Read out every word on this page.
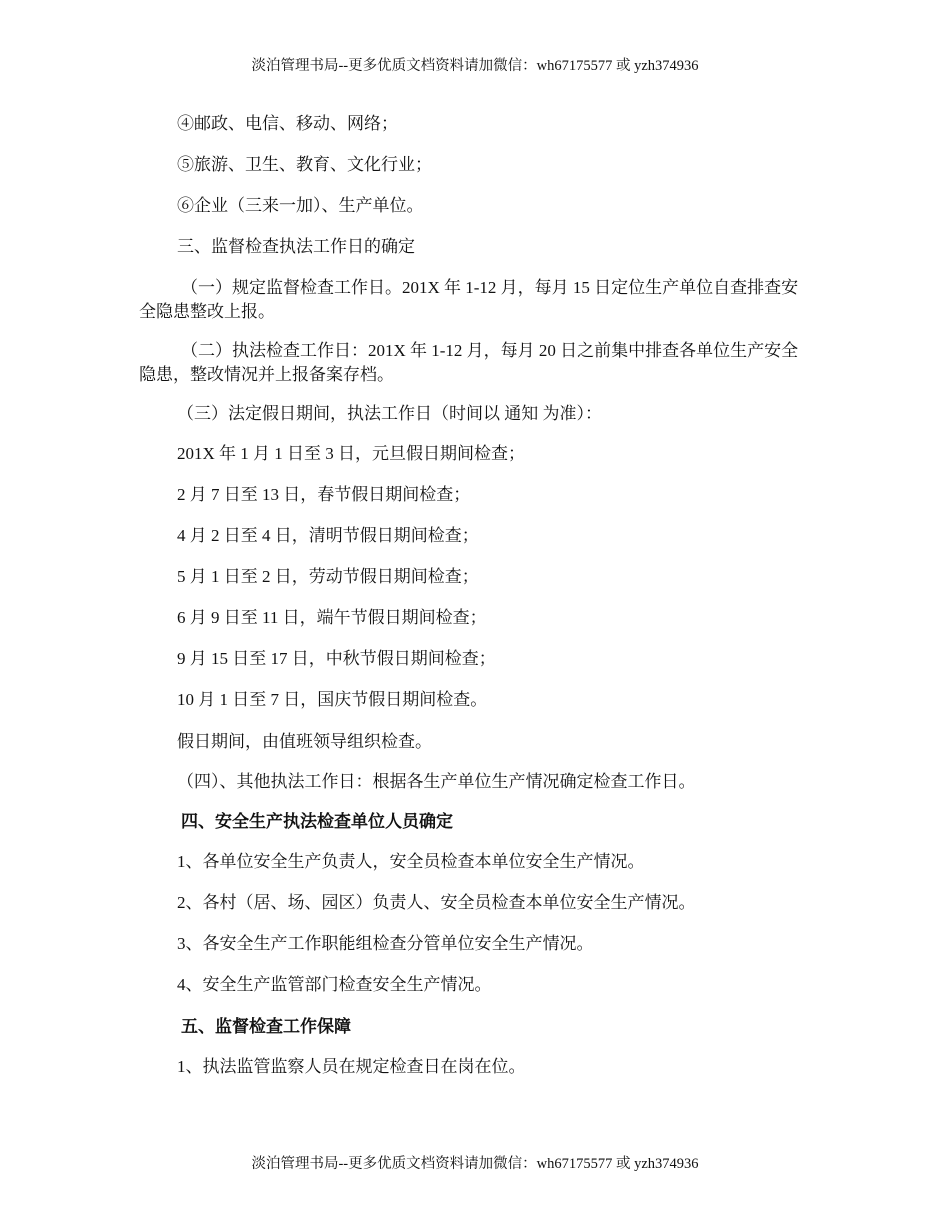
淡泊管理书局--更多优质文档资料请加微信：wh67175577 或 yzh374936
④邮政、电信、移动、网络；
⑤旅游、卫生、教育、文化行业；
⑥企业（三来一加）、生产单位。
三、监督检查执法工作日的确定
（一）规定监督检查工作日。201X 年 1-12 月，每月 15 日定位生产单位自查排查安全隐患整改上报。
（二）执法检查工作日：201X 年 1-12 月，每月 20 日之前集中排查各单位生产安全隐患，整改情况并上报备案存档。
（三）法定假日期间，执法工作日（时间以 通知 为准）：
201X 年 1 月 1 日至 3 日，元旦假日期间检查；
2 月 7 日至 13 日，春节假日期间检查；
4 月 2 日至 4 日，清明节假日期间检查；
5 月 1 日至 2 日，劳动节假日期间检查；
6 月 9 日至 11 日，端午节假日期间检查；
9 月 15 日至 17 日，中秋节假日期间检查；
10 月 1 日至 7 日，国庆节假日期间检查。
假日期间，由值班领导组织检查。
（四）、其他执法工作日：根据各生产单位生产情况确定检查工作日。
四、安全生产执法检查单位人员确定
1、各单位安全生产负责人，安全员检查本单位安全生产情况。
2、各村（居、场、园区）负责人、安全员检查本单位安全生产情况。
3、各安全生产工作职能组检查分管单位安全生产情况。
4、安全生产监管部门检查安全生产情况。
五、监督检查工作保障
1、执法监管监察人员在规定检查日在岗在位。
淡泊管理书局--更多优质文档资料请加微信：wh67175577 或 yzh374936
